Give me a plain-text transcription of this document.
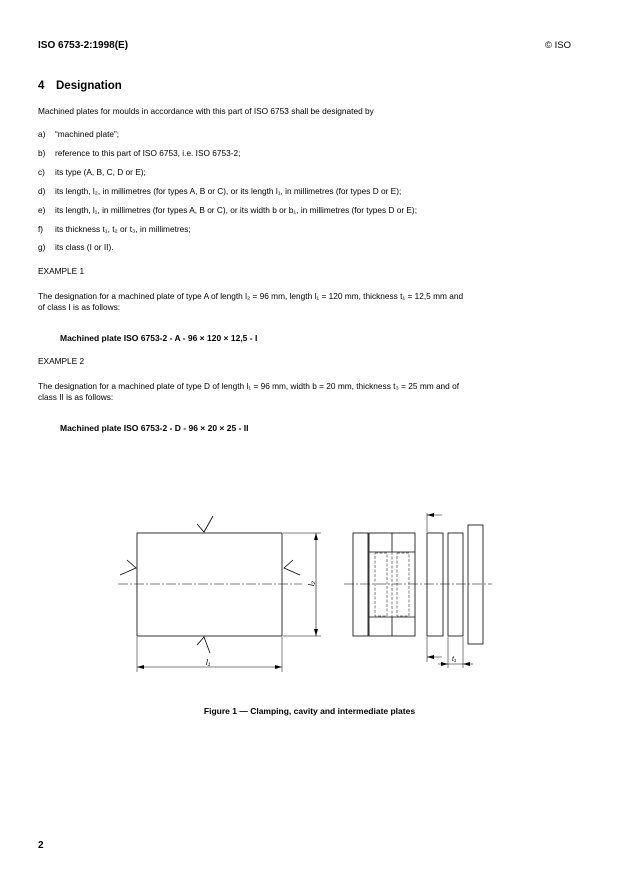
ISO 6753-2:1998(E)	© ISO
4 Designation
Machined plates for moulds in accordance with this part of ISO 6753 shall be designated by
a) “machined plate”;
b) reference to this part of ISO 6753, i.e. ISO 6753-2;
c) its type (A, B, C, D or E);
d) its length, l₂, in millimetres (for types A, B or C), or its length l₁, in millimetres (for types D or E);
e) its length, l₁, in millimetres (for types A, B or C), or its width b or b₁, in millimetres (for types D or E);
f) its thickness t₁, t₂ or t₃, in millimetres;
g) its class (I or II).
EXAMPLE 1
The designation for a machined plate of type A of length l₂ = 96 mm, length l₁ = 120 mm, thickness t₁ = 12,5 mm and
of class I is as follows:
Machined plate ISO 6753-2 - A - 96 × 120 × 12,5 - I
EXAMPLE 2
The designation for a machined plate of type D of length l₁ = 96 mm, width b = 20 mm, thickness t₃ = 25 mm and of
class II is as follows:
Machined plate ISO 6753-2 - D - 96 × 20 × 25 - II
l₁
l₂
t₁
Figure 1 — Clamping, cavity and intermediate plates
2
